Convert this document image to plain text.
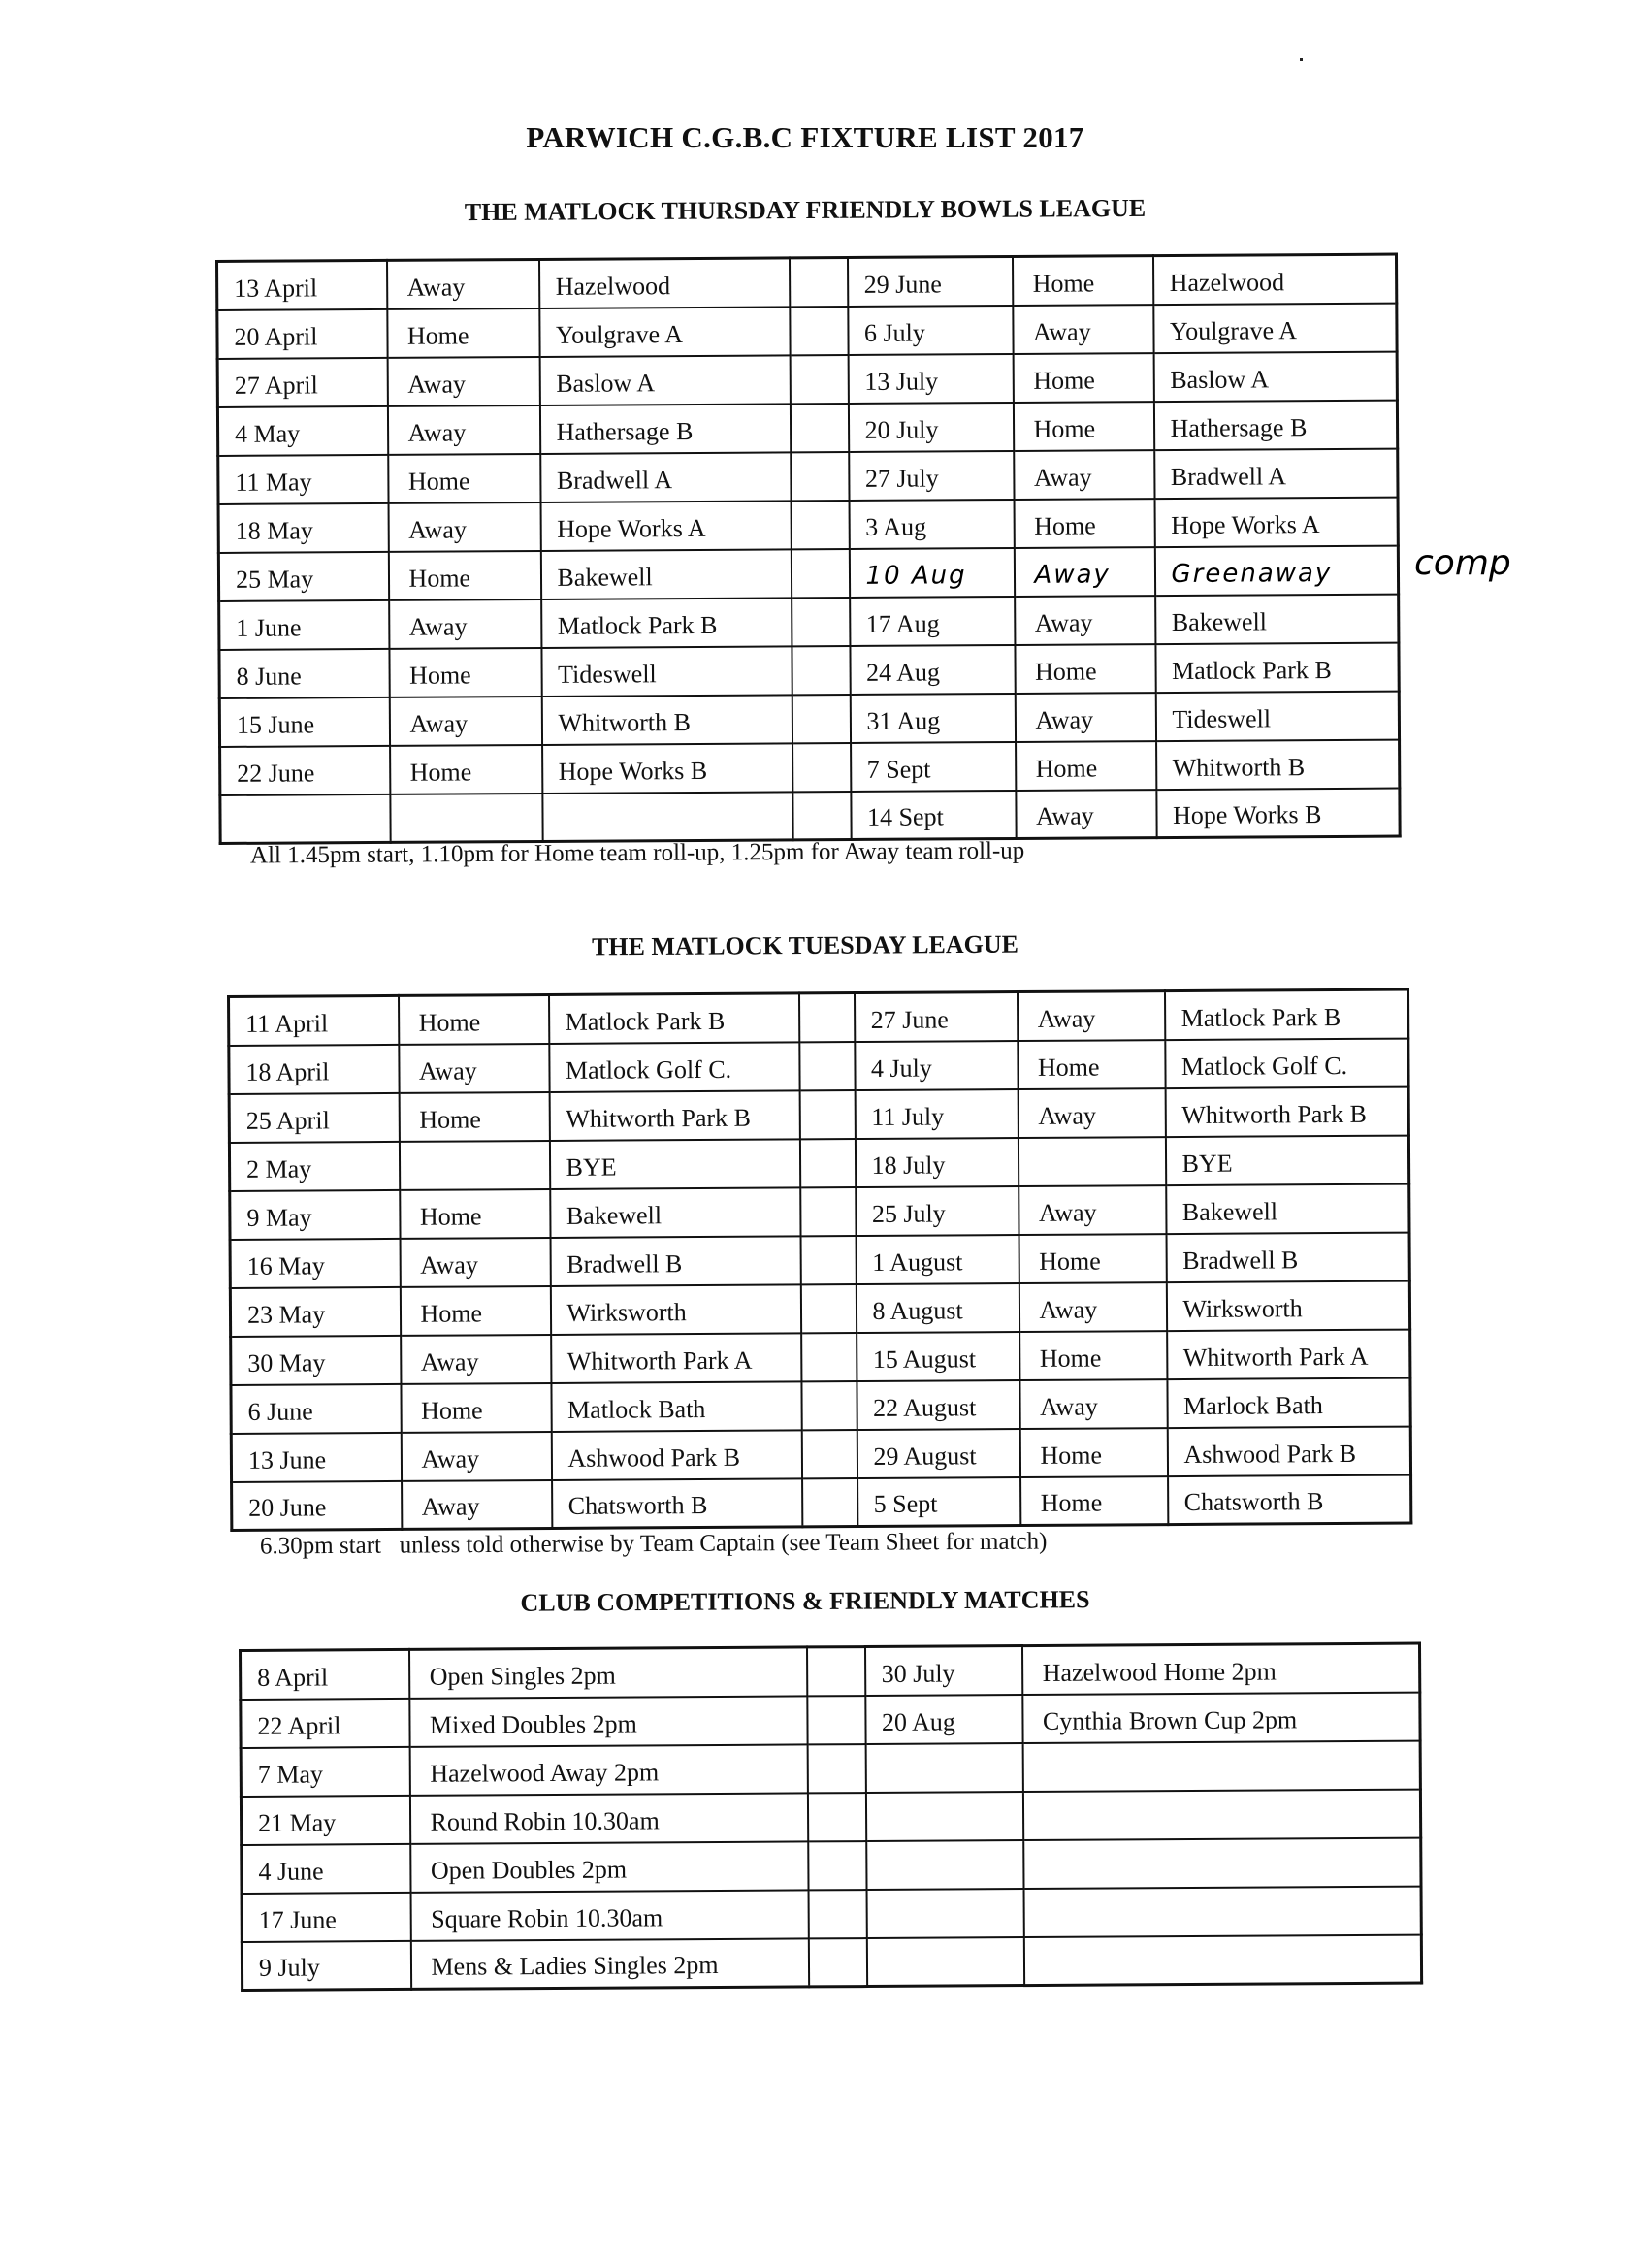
PARWICH C.G.B.C FIXTURE LIST 2017
THE MATLOCK THURSDAY FRIENDLY BOWLS LEAGUE
13 April	Away	Hazelwood		29 June	Home	Hazelwood
20 April	Home	Youlgrave A		6 July	Away	Youlgrave A
27 April	Away	Baslow A		13 July	Home	Baslow A
4 May	Away	Hathersage B		20 July	Home	Hathersage B
11 May	Home	Bradwell A		27 July	Away	Bradwell A
18 May	Away	Hope Works A		3 Aug	Home	Hope Works A
25 May	Home	Bakewell		10 Aug	Away	Greenaway
1 June	Away	Matlock Park B		17 Aug	Away	Bakewell
8 June	Home	Tideswell		24 Aug	Home	Matlock Park B
15 June	Away	Whitworth B		31 Aug	Away	Tideswell
22 June	Home	Hope Works B		7 Sept	Home	Whitworth B
				14 Sept	Away	Hope Works B
comp
All 1.45pm start, 1.10pm for Home team roll-up, 1.25pm for Away team roll-up
THE MATLOCK TUESDAY LEAGUE
11 April	Home	Matlock Park B		27 June	Away	Matlock Park B
18 April	Away	Matlock Golf C.		4 July	Home	Matlock Golf C.
25 April	Home	Whitworth Park B		11 July	Away	Whitworth Park B
2 May		BYE		18 July		BYE
9 May	Home	Bakewell		25 July	Away	Bakewell
16 May	Away	Bradwell B		1 August	Home	Bradwell B
23 May	Home	Wirksworth		8 August	Away	Wirksworth
30 May	Away	Whitworth Park A		15 August	Home	Whitworth Park A
6 June	Home	Matlock Bath		22 August	Away	Marlock Bath
13 June	Away	Ashwood Park B		29 August	Home	Ashwood Park B
20 June	Away	Chatsworth B		5 Sept	Home	Chatsworth B
6.30pm start unless told otherwise by Team Captain (see Team Sheet for match)
CLUB COMPETITIONS & FRIENDLY MATCHES
8 April	Open Singles 2pm		30 July	Hazelwood Home 2pm
22 April	Mixed Doubles 2pm		20 Aug	Cynthia Brown Cup 2pm
7 May	Hazelwood Away 2pm			
21 May	Round Robin 10.30am			
4 June	Open Doubles 2pm			
17 June	Square Robin 10.30am			
9 July	Mens & Ladies Singles 2pm			
